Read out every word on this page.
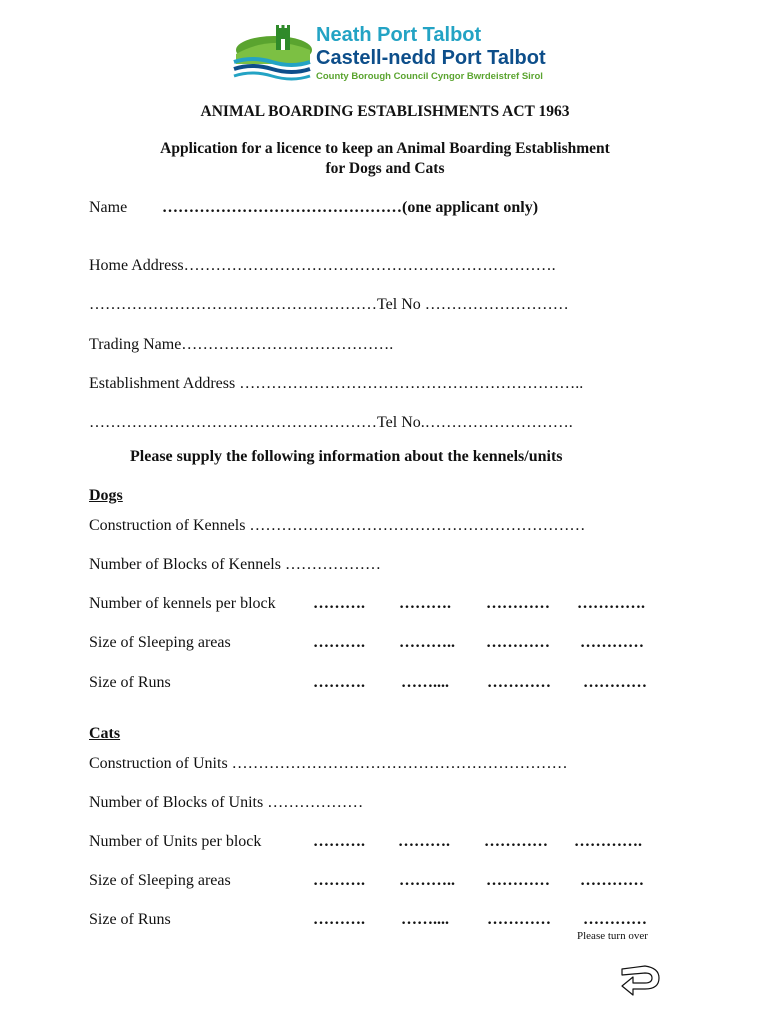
Neath Port Talbot
Castell-nedd Port Talbot
County Borough Council Cyngor Bwrdeistref Sirol
ANIMAL BOARDING ESTABLISHMENTS ACT 1963
Application for a licence to keep an Animal Boarding Establishment
for Dogs and Cats
Name ………………………………………(one applicant only)
Home Address…………………………………………………………….
………………………………………………Tel No ………………………
Trading Name………………………………….
Establishment Address ………………………………………………………..
………………………………………………Tel No.……………………….
Please supply the following information about the kennels/units
Dogs
Construction of Kennels ………………………………………………………
Number of Blocks of Kennels ………………
Number of kennels per block ………. ………. ………… ………….
Size of Sleeping areas	………. ……….. ………… …………
Size of Runs	………. …….... ………… …………
Cats
Construction of Units ………………………………………………………
Number of Blocks of Units ………………
Number of Units per block	………. ………. ………… ………….
Size of Sleeping areas	………. ……….. ………… …………
Size of Runs	………. …….... ………… …………
Please turn over
